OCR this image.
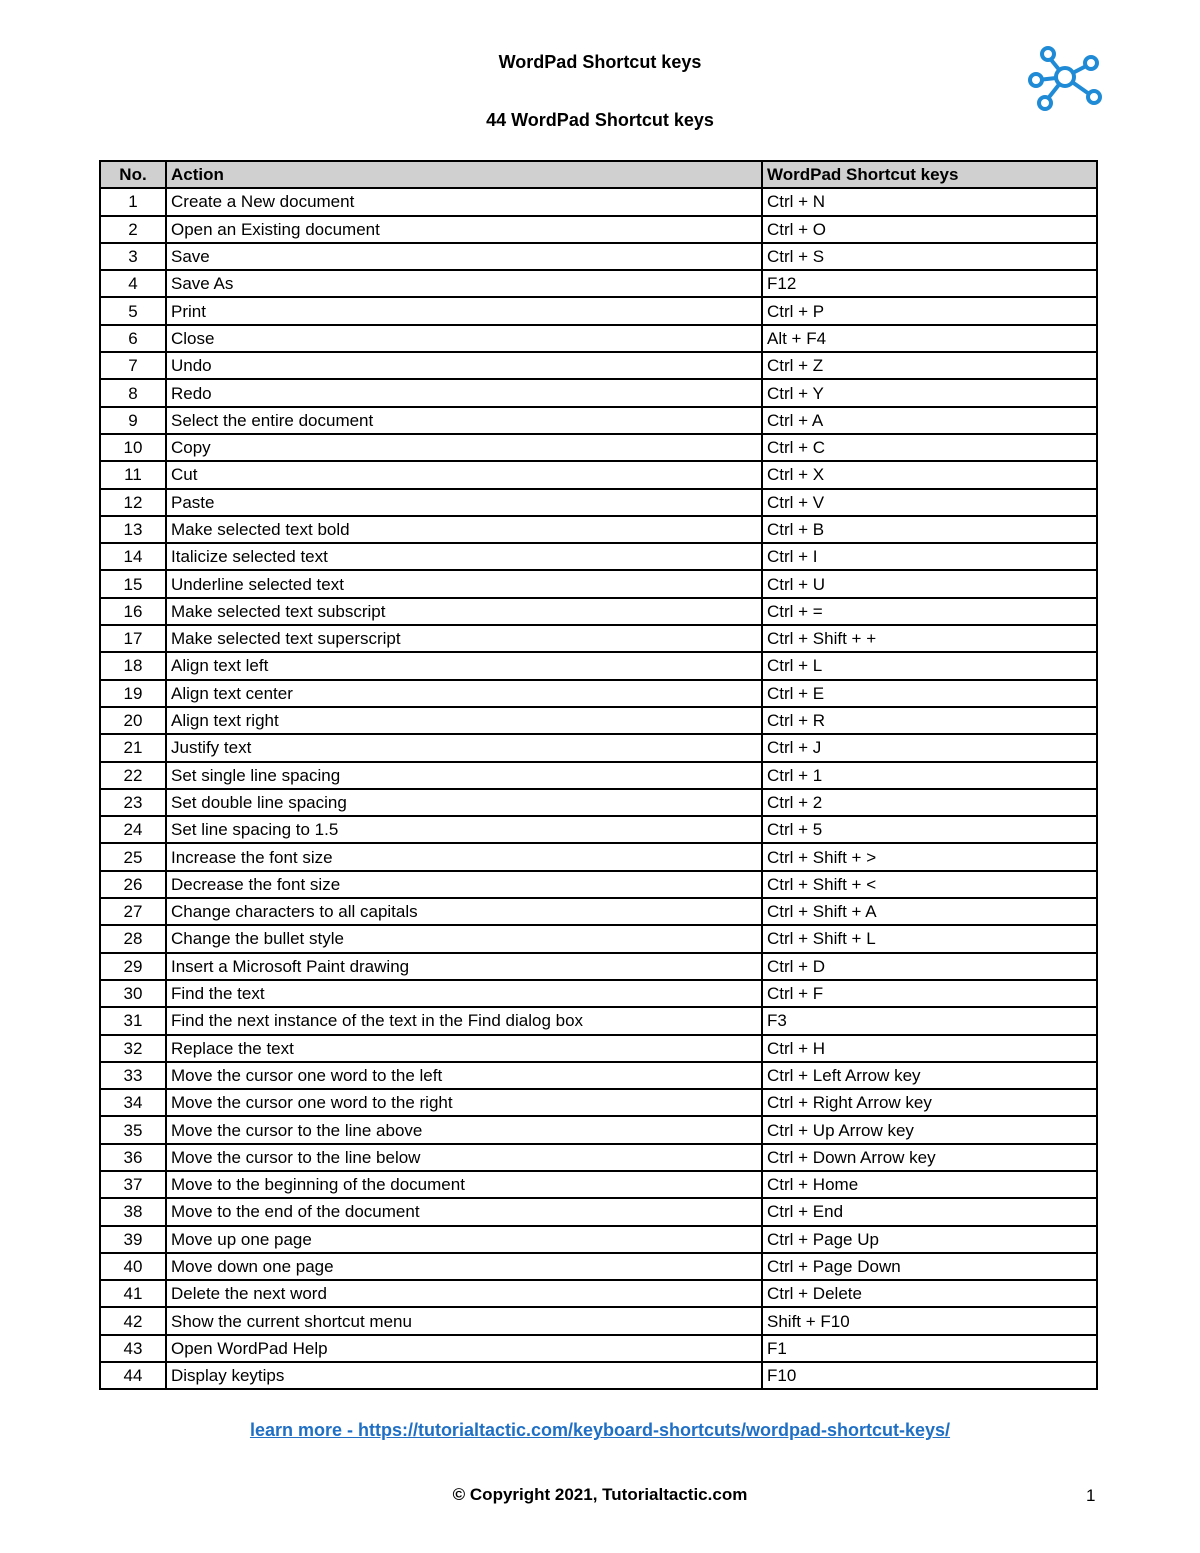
WordPad Shortcut keys
44 WordPad Shortcut keys
No.	Action	WordPad Shortcut keys
1	Create a New document	Ctrl + N
2	Open an Existing document	Ctrl + O
3	Save	Ctrl + S
4	Save As	F12
5	Print	Ctrl + P
6	Close	Alt + F4
7	Undo	Ctrl + Z
8	Redo	Ctrl + Y
9	Select the entire document	Ctrl + A
10	Copy	Ctrl + C
11	Cut	Ctrl + X
12	Paste	Ctrl + V
13	Make selected text bold	Ctrl + B
14	Italicize selected text	Ctrl + I
15	Underline selected text	Ctrl + U
16	Make selected text subscript	Ctrl + =
17	Make selected text superscript	Ctrl + Shift + +
18	Align text left	Ctrl + L
19	Align text center	Ctrl + E
20	Align text right	Ctrl + R
21	Justify text	Ctrl + J
22	Set single line spacing	Ctrl + 1
23	Set double line spacing	Ctrl + 2
24	Set line spacing to 1.5	Ctrl + 5
25	Increase the font size	Ctrl + Shift + >
26	Decrease the font size	Ctrl + Shift + <
27	Change characters to all capitals	Ctrl + Shift + A
28	Change the bullet style	Ctrl + Shift + L
29	Insert a Microsoft Paint drawing	Ctrl + D
30	Find the text	Ctrl + F
31	Find the next instance of the text in the Find dialog box	F3
32	Replace the text	Ctrl + H
33	Move the cursor one word to the left	Ctrl + Left Arrow key
34	Move the cursor one word to the right	Ctrl + Right Arrow key
35	Move the cursor to the line above	Ctrl + Up Arrow key
36	Move the cursor to the line below	Ctrl + Down Arrow key
37	Move to the beginning of the document	Ctrl + Home
38	Move to the end of the document	Ctrl + End
39	Move up one page	Ctrl + Page Up
40	Move down one page	Ctrl + Page Down
41	Delete the next word	Ctrl + Delete
42	Show the current shortcut menu	Shift + F10
43	Open WordPad Help	F1
44	Display keytips	F10
learn more - https://tutorialtactic.com/keyboard-shortcuts/wordpad-shortcut-keys/
© Copyright 2021, Tutorialtactic.com	1
